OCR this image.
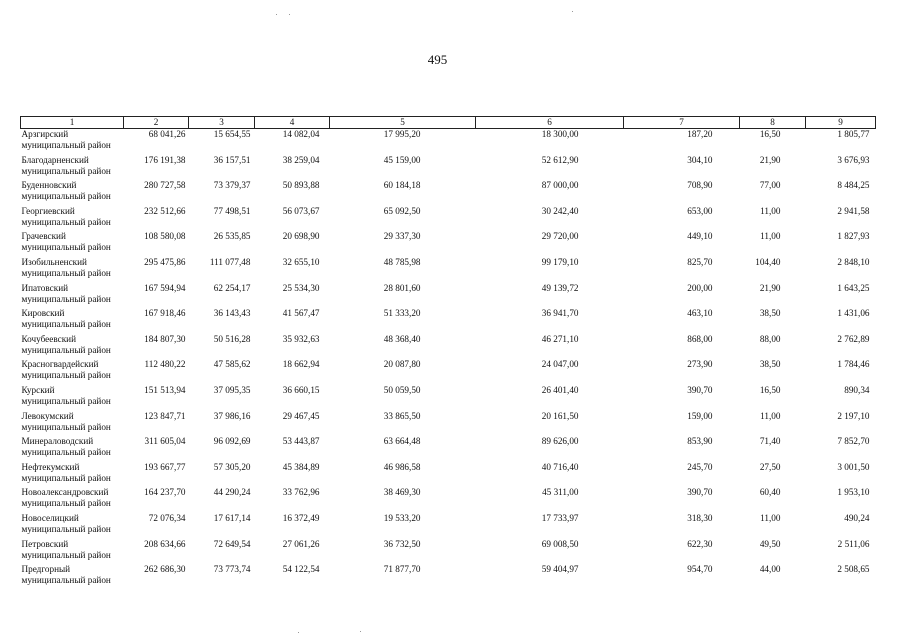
495
1	2	3	4	5	6	7	8	9

Арзгирский
муниципальный район	68 041,26	15 654,55	14 082,04	17 995,20	18 300,00	187,20	16,50	1 805,77

Благодарненский
муниципальный район	176 191,38	36 157,51	38 259,04	45 159,00	52 612,90	304,10	21,90	3 676,93

Буденновский
муниципальный район	280 727,58	73 379,37	50 893,88	60 184,18	87 000,00	708,90	77,00	8 484,25

Георгиевский
муниципальный район	232 512,66	77 498,51	56 073,67	65 092,50	30 242,40	653,00	11,00	2 941,58

Грачевский
муниципальный район	108 580,08	26 535,85	20 698,90	29 337,30	29 720,00	449,10	11,00	1 827,93

Изобильненский
муниципальный район	295 475,86	111 077,48	32 655,10	48 785,98	99 179,10	825,70	104,40	2 848,10

Ипатовский
муниципальный район	167 594,94	62 254,17	25 534,30	28 801,60	49 139,72	200,00	21,90	1 643,25

Кировский
муниципальный район	167 918,46	36 143,43	41 567,47	51 333,20	36 941,70	463,10	38,50	1 431,06

Кочубеевский
муниципальный район	184 807,30	50 516,28	35 932,63	48 368,40	46 271,10	868,00	88,00	2 762,89

Красногвардейский
муниципальный район	112 480,22	47 585,62	18 662,94	20 087,80	24 047,00	273,90	38,50	1 784,46

Курский
муниципальный район	151 513,94	37 095,35	36 660,15	50 059,50	26 401,40	390,70	16,50	890,34

Левокумский
муниципальный район	123 847,71	37 986,16	29 467,45	33 865,50	20 161,50	159,00	11,00	2 197,10

Минераловодский
муниципальный район	311 605,04	96 092,69	53 443,87	63 664,48	89 626,00	853,90	71,40	7 852,70

Нефтекумский
муниципальный район	193 667,77	57 305,20	45 384,89	46 986,58	40 716,40	245,70	27,50	3 001,50

Новоалександровский
муниципальный район	164 237,70	44 290,24	33 762,96	38 469,30	45 311,00	390,70	60,40	1 953,10

Новоселицкий
муниципальный район	72 076,34	17 617,14	16 372,49	19 533,20	17 733,97	318,30	11,00	490,24

Петровский
муниципальный район	208 634,66	72 649,54	27 061,26	36 732,50	69 008,50	622,30	49,50	2 511,06

Предгорный
муниципальный район	262 686,30	73 773,74	54 122,54	71 877,70	59 404,97	954,70	44,00	2 508,65
